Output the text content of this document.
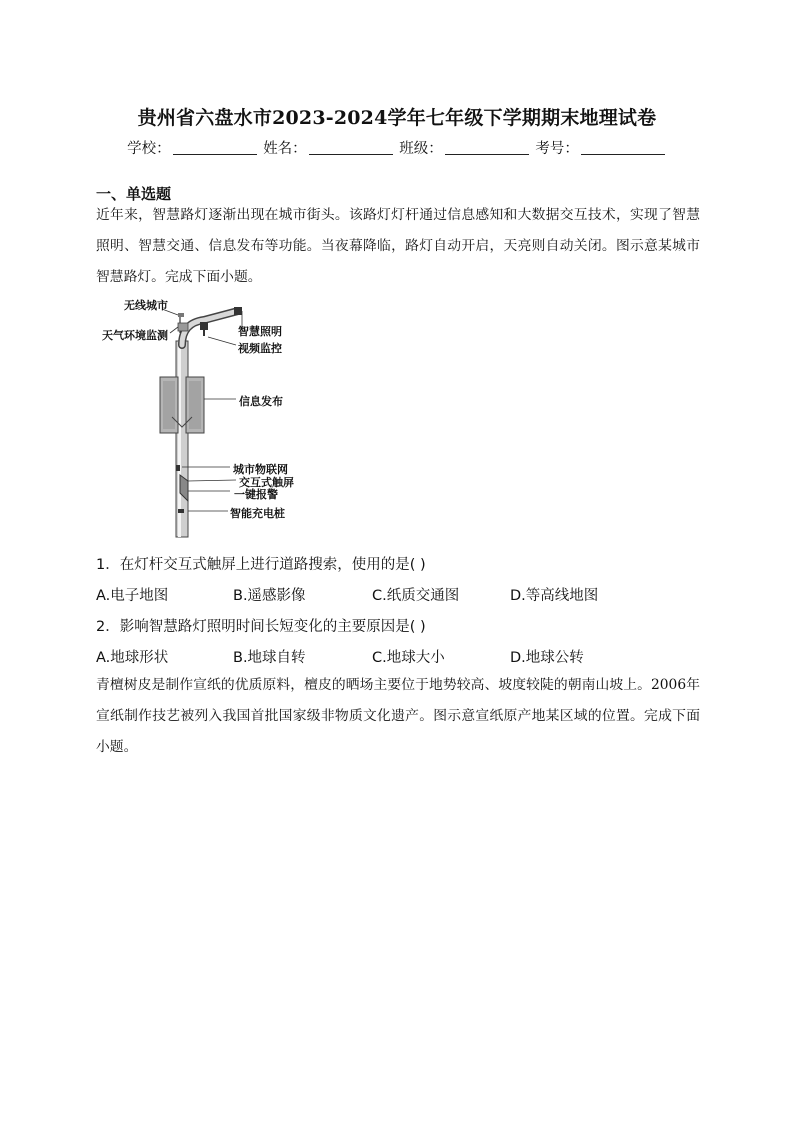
贵州省六盘水市2023-2024学年七年级下学期期末地理试卷
学校：	姓名：	班级：	考号：
一、单选题
近年来，智慧路灯逐渐出现在城市街头。该路灯灯杆通过信息感知和大数据交互技术，实现了智慧照明、智慧交通、信息发布等功能。当夜幕降临，路灯自动开启，天亮则自动关闭。图示意某城市智慧路灯。完成下面小题。
无线城市
天气环境监测	智慧照明
视频监控
信息发布
城市物联网
交互式触屏
一键报警
智能充电桩
1．在灯杆交互式触屏上进行道路搜索，使用的是( )
A.电子地图	B.遥感影像	C.纸质交通图	D.等高线地图
2．影响智慧路灯照明时间长短变化的主要原因是( )
A.地球形状	B.地球自转	C.地球大小	D.地球公转
青檀树皮是制作宣纸的优质原料，檀皮的晒场主要位于地势较高、坡度较陡的朝南山坡上。2006年宣纸制作技艺被列入我国首批国家级非物质文化遗产。图示意宣纸原产地某区域的位置。完成下面小题。
